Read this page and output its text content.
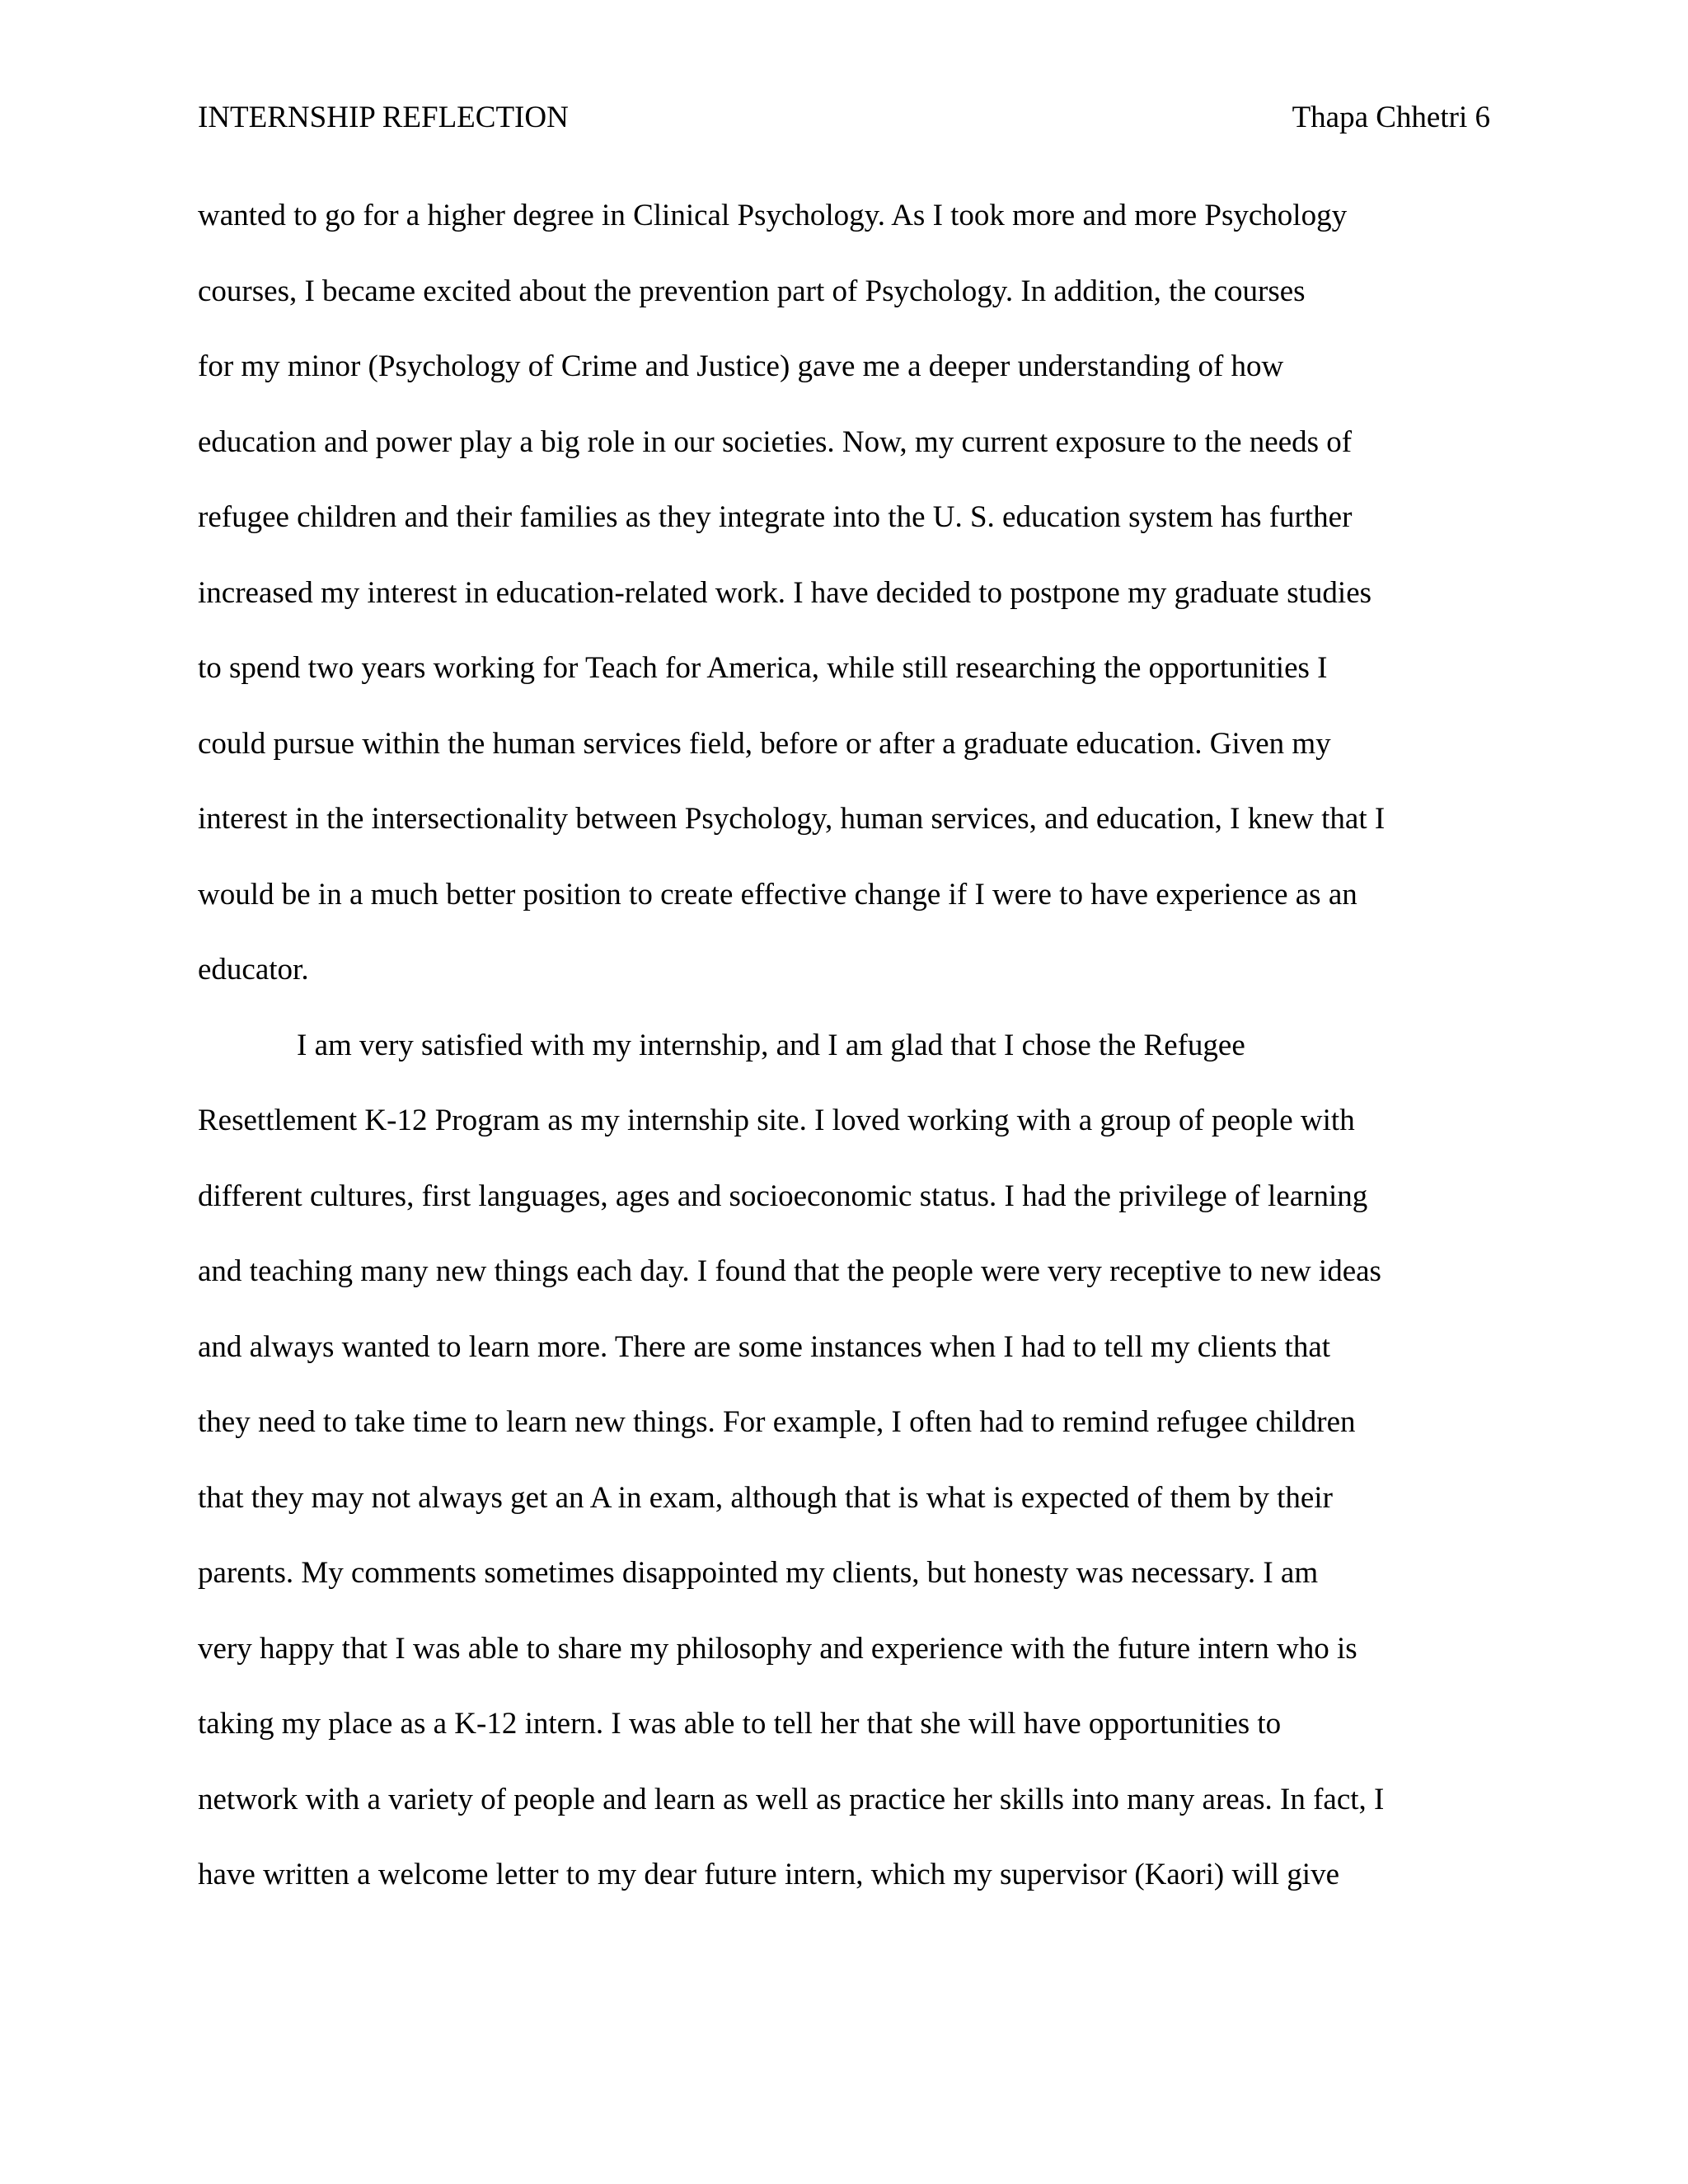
INTERNSHIP REFLECTION	Thapa Chhetri 6
wanted to go for a higher degree in Clinical Psychology. As I took more and more Psychology
courses, I became excited about the prevention part of Psychology. In addition, the courses
for my minor (Psychology of Crime and Justice) gave me a deeper understanding of how
education and power play a big role in our societies. Now, my current exposure to the needs of
refugee children and their families as they integrate into the U. S. education system has further
increased my interest in education-related work. I have decided to postpone my graduate studies
to spend two years working for Teach for America, while still researching the opportunities I
could pursue within the human services field, before or after a graduate education. Given my
interest in the intersectionality between Psychology, human services, and education, I knew that I
would be in a much better position to create effective change if I were to have experience as an
educator.
I am very satisfied with my internship, and I am glad that I chose the Refugee
Resettlement K-12 Program as my internship site. I loved working with a group of people with
different cultures, first languages, ages and socioeconomic status. I had the privilege of learning
and teaching many new things each day. I found that the people were very receptive to new ideas
and always wanted to learn more. There are some instances when I had to tell my clients that
they need to take time to learn new things. For example, I often had to remind refugee children
that they may not always get an A in exam, although that is what is expected of them by their
parents. My comments sometimes disappointed my clients, but honesty was necessary. I am
very happy that I was able to share my philosophy and experience with the future intern who is
taking my place as a K-12 intern. I was able to tell her that she will have opportunities to
network with a variety of people and learn as well as practice her skills into many areas. In fact, I
have written a welcome letter to my dear future intern, which my supervisor (Kaori) will give
